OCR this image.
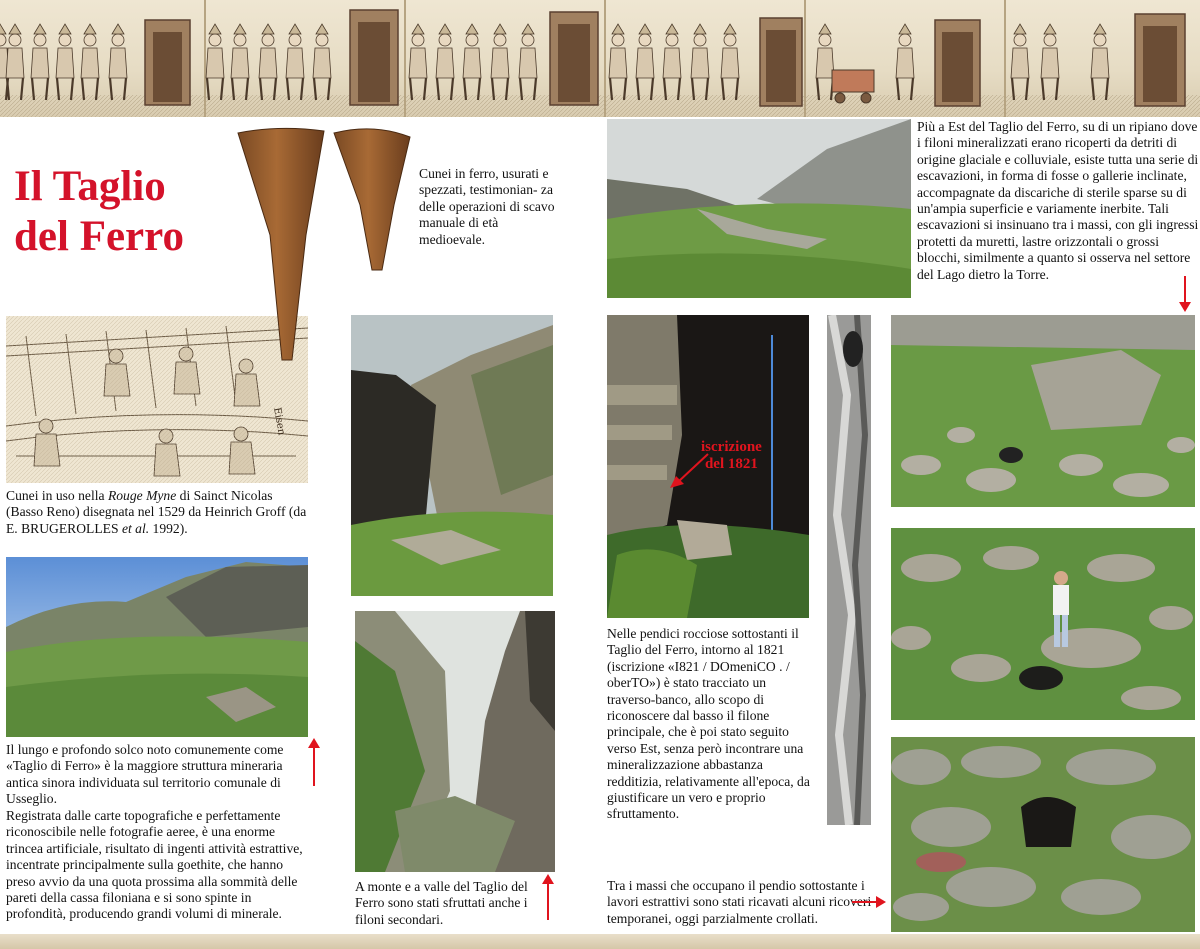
Il Taglio
del Ferro
Eisen
Cunei in ferro, usurati e spezzati, testimonian- za delle operazioni di scavo manuale di età medioevale.
Cunei in uso nella Rouge Myne di Sainct Nicolas (Basso Reno) disegnata nel 1529 da Heinrich Groff (da E. BRUGEROLLES et al. 1992).
Il lungo e profondo solco noto comunemente come «Taglio di Ferro» è la maggiore struttura mineraria antica sinora individuata sul territorio comunale di Usseglio.
Registrata dalle carte topografiche e perfettamente riconoscibile nelle fotografie aeree, è una enorme trincea artificiale, risultato di ingenti attività estrattive, incentrate principalmente sulla goethite, che hanno preso avvio da una quota prossima alla sommità delle pareti della cassa filoniana e si sono spinte in profondità, producendo grandi volumi di minerale.
A monte e a valle del Taglio del Ferro sono stati sfruttati anche i filoni secondari.
Più a Est del Taglio del Ferro, su di un ripiano dove i filoni mineralizzati erano ricoperti da detriti di origine glaciale e colluviale, esiste tutta una serie di escavazioni, in forma di fosse o gallerie inclinate, accompagnate da discariche di sterile sparse su di un'ampia superficie e variamente inerbite. Tali escavazioni si insinuano tra i massi, con gli ingressi protetti da muretti, lastre orizzontali o grossi blocchi, similmente a quanto si osserva nel settore del Lago dietro la Torre.
iscrizione
del 1821
Nelle pendici rocciose sottostanti il Taglio del Ferro, intorno al 1821 (iscrizione «I821 / DOmeniCO . / oberTO») è stato tracciato un traverso-banco, allo scopo di riconoscere dal basso il filone principale, che è poi stato seguito verso Est, senza però incontrare una mineralizzazione abbastanza redditizia, relativamente all'epoca, da giustificare un vero e proprio sfruttamento.
Tra i massi che occupano il pendio sottostante i lavori estrattivi sono stati ricavati alcuni ricoveri temporanei, oggi parzialmente crollati.
